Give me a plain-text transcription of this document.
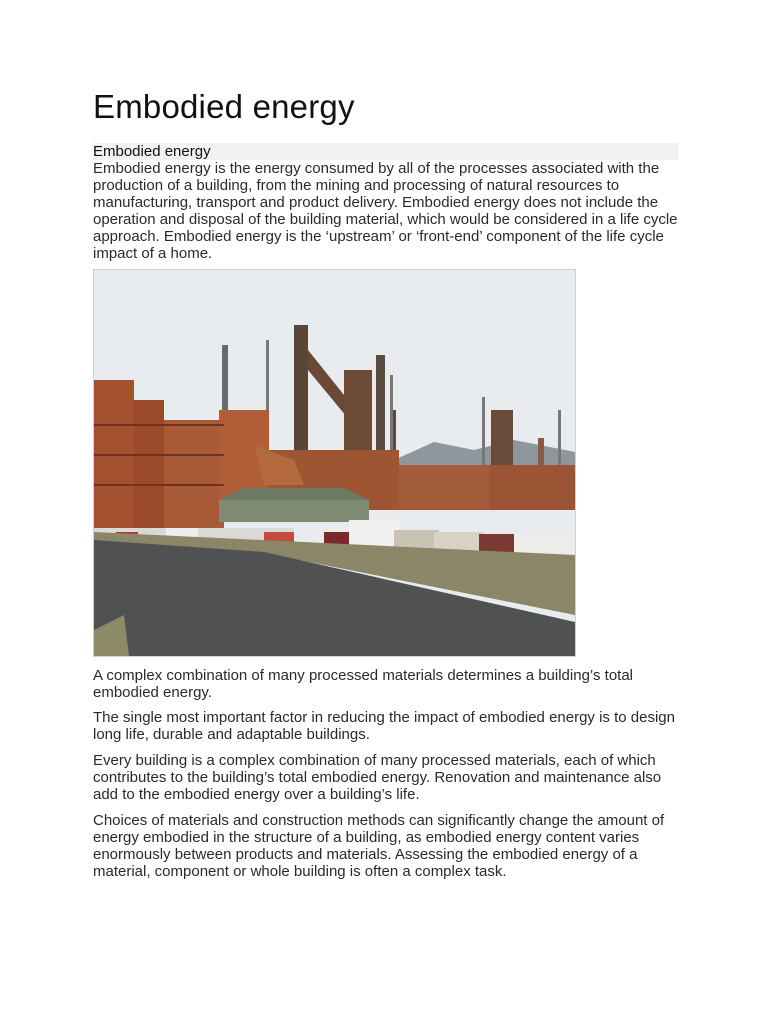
Embodied energy
Embodied energy

Embodied energy is the energy consumed by all of the processes associated with the production of a building, from the mining and processing of natural resources to manufacturing, transport and product delivery. Embodied energy does not include the operation and disposal of the building material, which would be considered in a life cycle approach. Embodied energy is the ‘upstream’ or ‘front-end’ component of the life cycle impact of a home.

A complex combination of many processed materials determines a building’s total embodied energy.

The single most important factor in reducing the impact of embodied energy is to design long life, durable and adaptable buildings.

Every building is a complex combination of many processed materials, each of which contributes to the building’s total embodied energy. Renovation and maintenance also add to the embodied energy over a building’s life.

Choices of materials and construction methods can significantly change the amount of energy embodied in the structure of a building, as embodied energy content varies enormously between products and materials. Assessing the embodied energy of a material, component or whole building is often a complex task.
